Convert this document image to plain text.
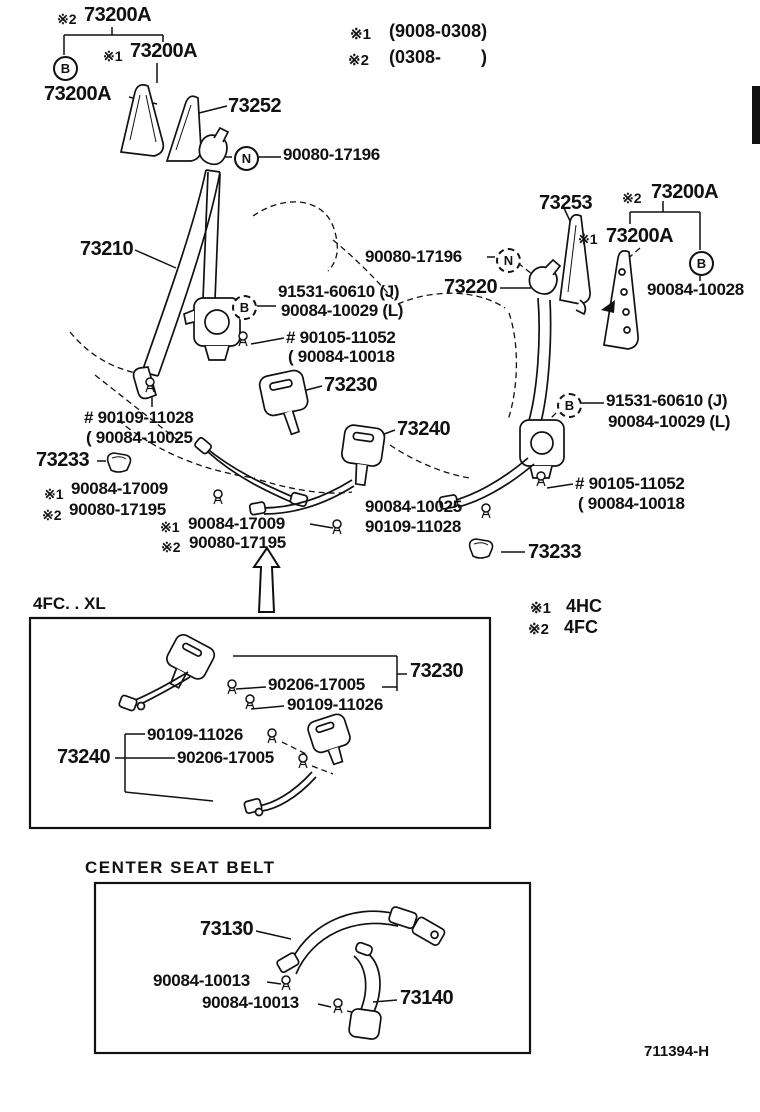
B
N
B
N	B
B
※1 (9008-0308)
※2 (0308-        )
※1 4HC
※2 4FC
※2 73200A
※1 73200A
73200A
73252
90080-17196
73210	90080-17196
73220
91531-60610 (J)
90084-10029 (L)
# 90105-11052
( 90084-10018
73253 ※2 73200A
※1 73200A
90084-10028
91531-60610 (J)
90084-10029 (L)
# 90105-11052
( 90084-10018
73230
73240
# 90109-11028
( 90084-10025
73233
※1 90084-17009
※2 90080-17195
※1 90084-17009
※2 90080-17195
90084-10025
90109-11028
73233
4FC. . XL
73230
90206-17005
90109-11026
90109-11026
90206-17005
73240
CENTER SEAT BELT
73130
90084-10013
90084-10013	73140
711394-H
